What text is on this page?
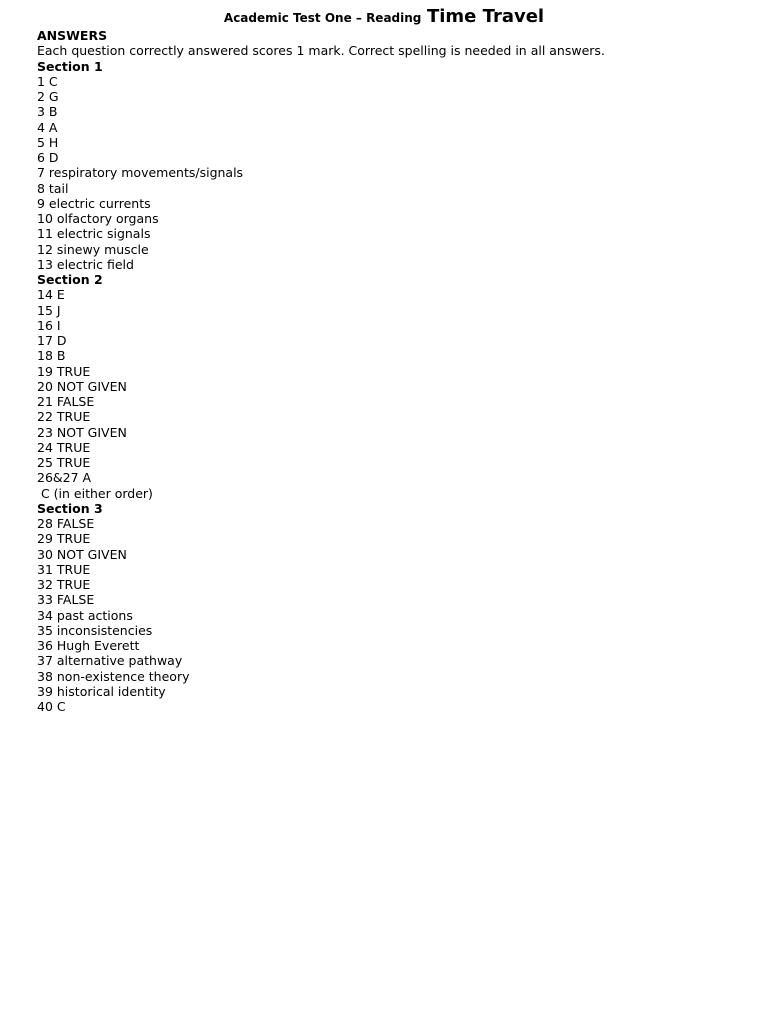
Academic Test One – Reading Time Travel
ANSWERS
Each question correctly answered scores 1 mark. Correct spelling is needed in all answers.
Section 1
1 C
2 G
3 B
4 A
5 H
6 D
7 respiratory movements/signals
8 tail
9 electric currents
10 olfactory organs
11 electric signals
12 sinewy muscle
13 electric field
Section 2
14 E
15 J
16 I
17 D
18 B
19 TRUE
20 NOT GIVEN
21 FALSE
22 TRUE
23 NOT GIVEN
24 TRUE
25 TRUE
26&27 A
C (in either order)
Section 3
28 FALSE
29 TRUE
30 NOT GIVEN
31 TRUE
32 TRUE
33 FALSE
34 past actions
35 inconsistencies
36 Hugh Everett
37 alternative pathway
38 non-existence theory
39 historical identity
40 C
